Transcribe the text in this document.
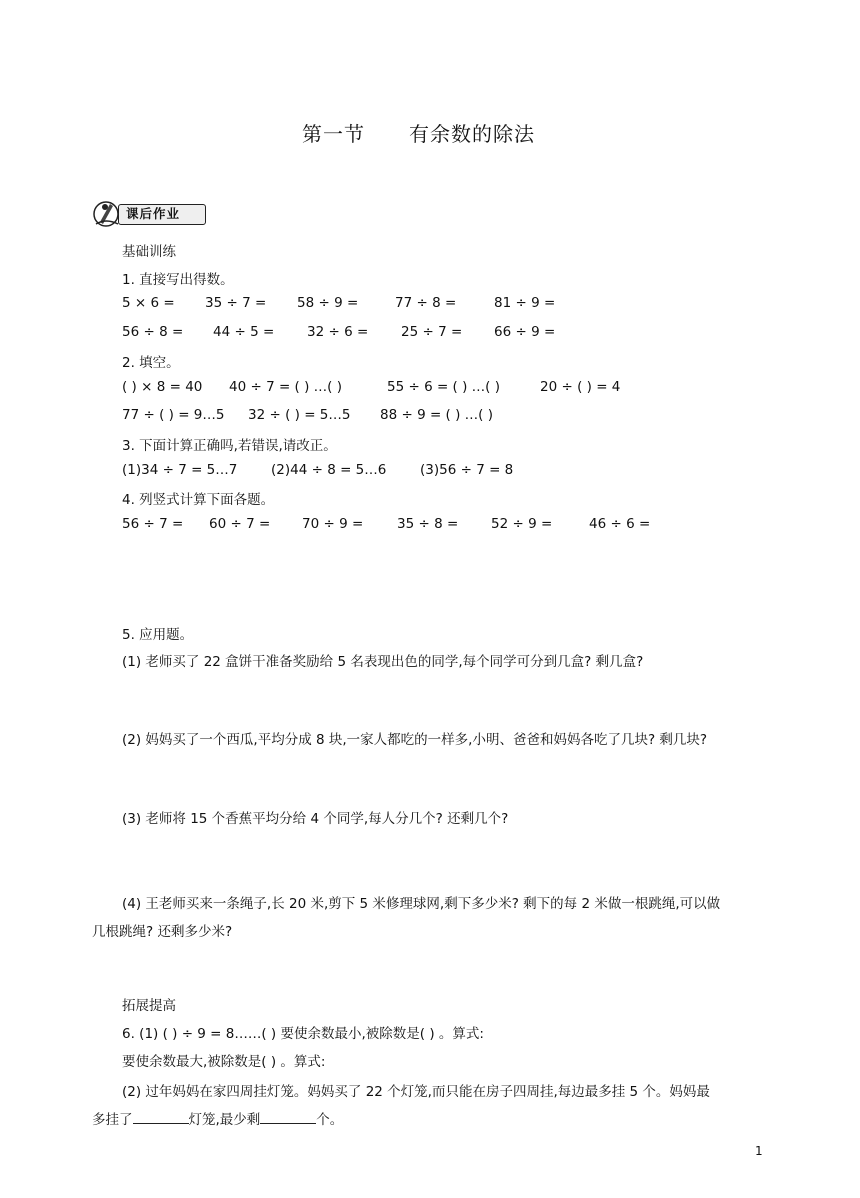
第一节 有余数的除法
课后作业
基础训练
1. 直接写出得数。
5 × 6 = 35 ÷ 7 = 58 ÷ 9 =	77 ÷ 8 =	81 ÷ 9 =
56 ÷ 8 = 44 ÷ 5 = 32 ÷ 6 = 25 ÷ 7 = 66 ÷ 9 =
2. 填空。
( ) × 8 = 40 40 ÷ 7 = ( ) …( )	55 ÷ 6 = ( ) …( )	20 ÷ ( ) = 4
77 ÷ ( ) = 9…5 32 ÷ ( ) = 5…5 88 ÷ 9 = ( ) …( )
3. 下面计算正确吗,若错误,请改正。
(1)34 ÷ 7 = 5…7 (2)44 ÷ 8 = 5…6 (3)56 ÷ 7 = 8
4. 列竖式计算下面各题。
56 ÷ 7 = 60 ÷ 7 = 70 ÷ 9 = 35 ÷ 8 = 52 ÷ 9 =	46 ÷ 6 =
5. 应用题。
(1) 老师买了 22 盒饼干准备奖励给 5 名表现出色的同学,每个同学可分到几盒? 剩几盒?
(2) 妈妈买了一个西瓜,平均分成 8 块,一家人都吃的一样多,小明、爸爸和妈妈各吃了几块? 剩几块?
(3) 老师将 15 个香蕉平均分给 4 个同学,每人分几个? 还剩几个?
(4) 王老师买来一条绳子,长 20 米,剪下 5 米修理球网,剩下多少米? 剩下的每 2 米做一根跳绳,可以做
几根跳绳? 还剩多少米?
拓展提高
6. (1) ( ) ÷ 9 = 8……( ) 要使余数最小,被除数是( ) 。算式:
要使余数最大,被除数是( ) 。算式:
(2) 过年妈妈在家四周挂灯笼。妈妈买了 22 个灯笼,而只能在房子四周挂,每边最多挂 5 个。妈妈最
多挂了	灯笼,最少剩	个。
1
